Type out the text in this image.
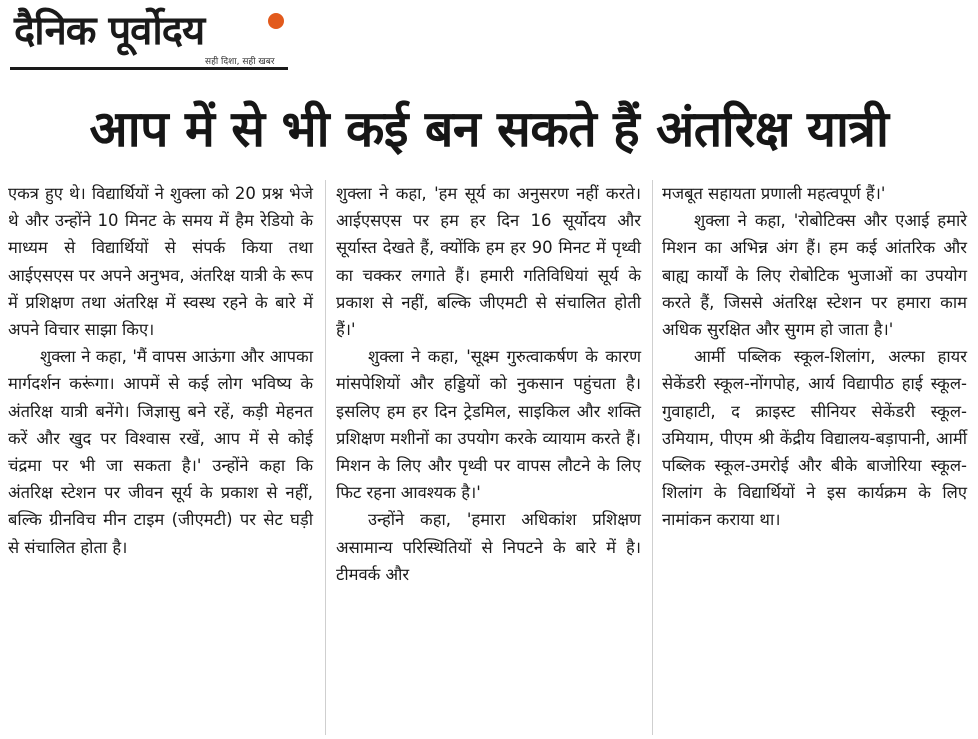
दैनिक पूर्वोदय
सही दिशा, सही खबर
आप में से भी कई बन सकते हैं अंतरिक्ष यात्री

एकत्र हुए थे। विद्यार्थियों ने शुक्ला को 20 प्रश्न भेजे थे और उन्होंने 10 मिनट के समय में हैम रेडियो के माध्यम से विद्यार्थियों से संपर्क किया तथा आईएसएस पर अपने अनुभव, अंतरिक्ष यात्री के रूप में प्रशिक्षण तथा अंतरिक्ष में स्वस्थ रहने के बारे में अपने विचार साझा किए।

शुक्ला ने कहा, 'मैं वापस आऊंगा और आपका मार्गदर्शन करूंगा। आपमें से कई लोग भविष्य के अंतरिक्ष यात्री बनेंगे। जिज्ञासु बने रहें, कड़ी मेहनत करें और खुद पर विश्वास रखें, आप में से कोई चंद्रमा पर भी जा सकता है।' उन्होंने कहा कि अंतरिक्ष स्टेशन पर जीवन सूर्य के प्रकाश से नहीं, बल्कि ग्रीनविच मीन टाइम (जीएमटी) पर सेट घड़ी से संचालित होता है।

शुक्ला ने कहा, 'हम सूर्य का अनुसरण नहीं करते। आईएसएस पर हम हर दिन 16 सूर्योदय और सूर्यास्त देखते हैं, क्योंकि हम हर 90 मिनट में पृथ्वी का चक्कर लगाते हैं। हमारी गतिविधियां सूर्य के प्रकाश से नहीं, बल्कि जीएमटी से संचालित होती हैं।'

शुक्ला ने कहा, 'सूक्ष्म गुरुत्वाकर्षण के कारण मांसपेशियों और हड्डियों को नुकसान पहुंचता है। इसलिए हम हर दिन ट्रेडमिल, साइकिल और शक्ति प्रशिक्षण मशीनों का उपयोग करके व्यायाम करते हैं। मिशन के लिए और पृथ्वी पर वापस लौटने के लिए फिट रहना आवश्यक है।'

उन्होंने कहा, 'हमारा अधिकांश प्रशिक्षण असामान्य परिस्थितियों से निपटने के बारे में है। टीमवर्क और

मजबूत सहायता प्रणाली महत्वपूर्ण हैं।'

शुक्ला ने कहा, 'रोबोटिक्स और एआई हमारे मिशन का अभिन्न अंग हैं। हम कई आंतरिक और बाह्य कार्यों के लिए रोबोटिक भुजाओं का उपयोग करते हैं, जिससे अंतरिक्ष स्टेशन पर हमारा काम अधिक सुरक्षित और सुगम हो जाता है।'

आर्मी पब्लिक स्कूल-शिलांग, अल्फा हायर सेकेंडरी स्कूल-नोंगपोह, आर्य विद्यापीठ हाई स्कूल-गुवाहाटी, द क्राइस्ट सीनियर सेकेंडरी स्कूल-उमियाम, पीएम श्री केंद्रीय विद्यालय-बड़ापानी, आर्मी पब्लिक स्कूल-उमरोई और बीके बाजोरिया स्कूल-शिलांग के विद्यार्थियों ने इस कार्यक्रम के लिए नामांकन कराया था।
